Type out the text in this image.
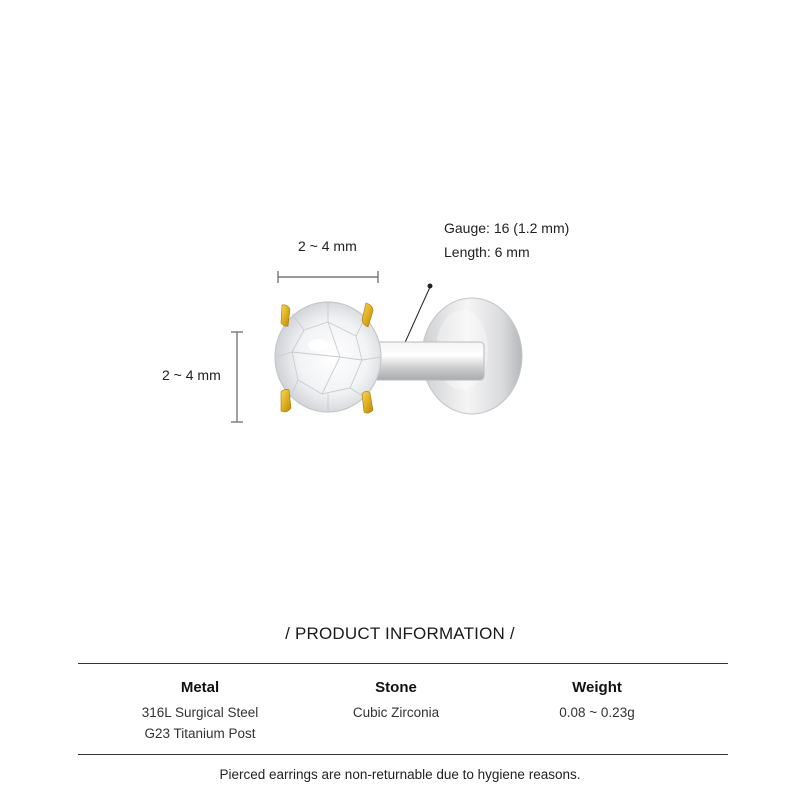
2 ~ 4 mm
2 ~ 4 mm
Gauge: 16 (1.2 mm)
Length: 6 mm
/ PRODUCT INFORMATION /
Metal
316L Surgical Steel
G23 Titanium Post
Stone
Cubic Zirconia
Weight
0.08 ~ 0.23g
Pierced earrings are non-returnable due to hygiene reasons.
